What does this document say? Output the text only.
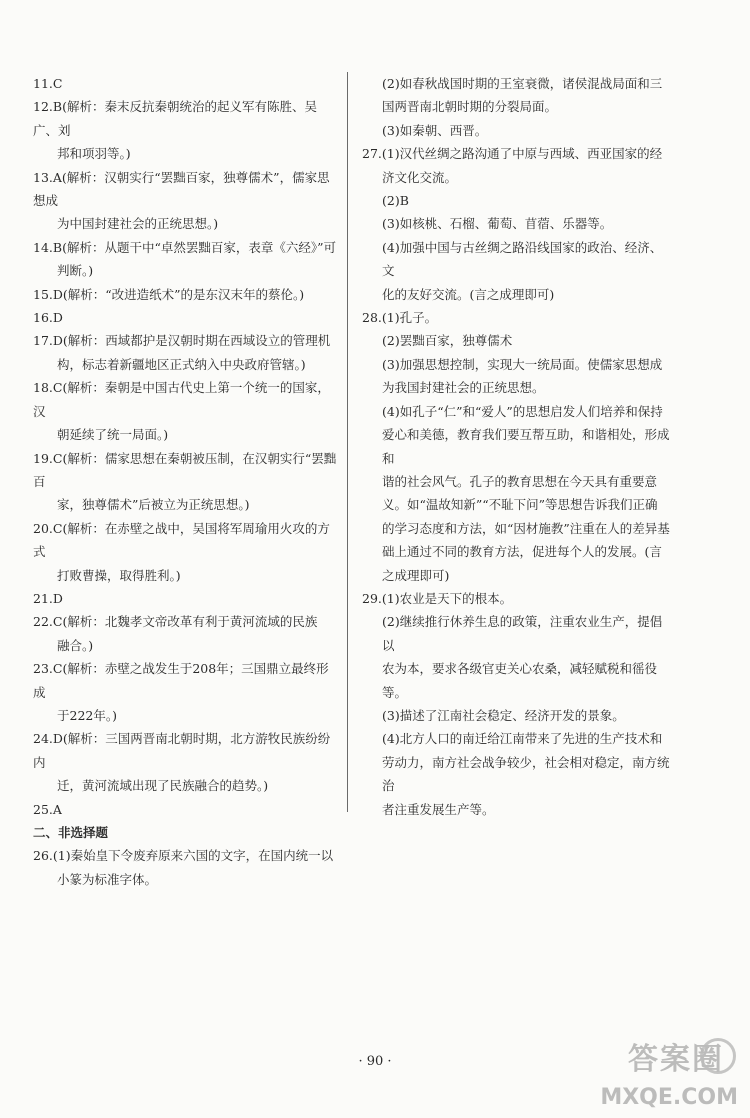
11.C

12.B(解析：秦末反抗秦朝统治的起义军有陈胜、吴广、刘

邦和项羽等。)

13.A(解析：汉朝实行“罢黜百家，独尊儒术”，儒家思想成

为中国封建社会的正统思想。)

14.B(解析：从题干中“卓然罢黜百家，表章《六经》”可

判断。)

15.D(解析：“改进造纸术”的是东汉末年的蔡伦。)

16.D

17.D(解析：西域都护是汉朝时期在西域设立的管理机

构，标志着新疆地区正式纳入中央政府管辖。)

18.C(解析：秦朝是中国古代史上第一个统一的国家，汉

朝延续了统一局面。)

19.C(解析：儒家思想在秦朝被压制，在汉朝实行“罢黜百

家，独尊儒术”后被立为正统思想。)

20.C(解析：在赤壁之战中，吴国将军周瑜用火攻的方式

打败曹操，取得胜利。)

21.D

22.C(解析：北魏孝文帝改革有利于黄河流域的民族

融合。)

23.C(解析：赤壁之战发生于208年；三国鼎立最终形成

于222年。)

24.D(解析：三国两晋南北朝时期，北方游牧民族纷纷内

迁，黄河流域出现了民族融合的趋势。)

25.A

二、非选择题

26.(1)秦始皇下令废弃原来六国的文字，在国内统一以

小篆为标准字体。

(2)如春秋战国时期的王室衰微，诸侯混战局面和三

国两晋南北朝时期的分裂局面。

(3)如秦朝、西晋。

27.(1)汉代丝绸之路沟通了中原与西域、西亚国家的经

济文化交流。

(2)B

(3)如核桃、石榴、葡萄、苜蓿、乐器等。

(4)加强中国与古丝绸之路沿线国家的政治、经济、文

化的友好交流。(言之成理即可)

28.(1)孔子。

(2)罢黜百家，独尊儒术

(3)加强思想控制，实现大一统局面。使儒家思想成

为我国封建社会的正统思想。

(4)如孔子“仁”和“爱人”的思想启发人们培养和保持

爱心和美德，教育我们要互帮互助，和谐相处，形成和

谐的社会风气。孔子的教育思想在今天具有重要意

义。如“温故知新”“不耻下问”等思想告诉我们正确

的学习态度和方法，如“因材施教”注重在人的差异基

础上通过不同的教育方法，促进每个人的发展。(言

之成理即可)

29.(1)农业是天下的根本。

(2)继续推行休养生息的政策，注重农业生产，提倡以

农为本，要求各级官吏关心农桑，减轻赋税和徭役等。

(3)描述了江南社会稳定、经济开发的景象。

(4)北方人口的南迁给江南带来了先进的生产技术和

劳动力，南方社会战争较少，社会相对稳定，南方统治

者注重发展生产等。

· 90 ·	答案圈
MXQE.COM
